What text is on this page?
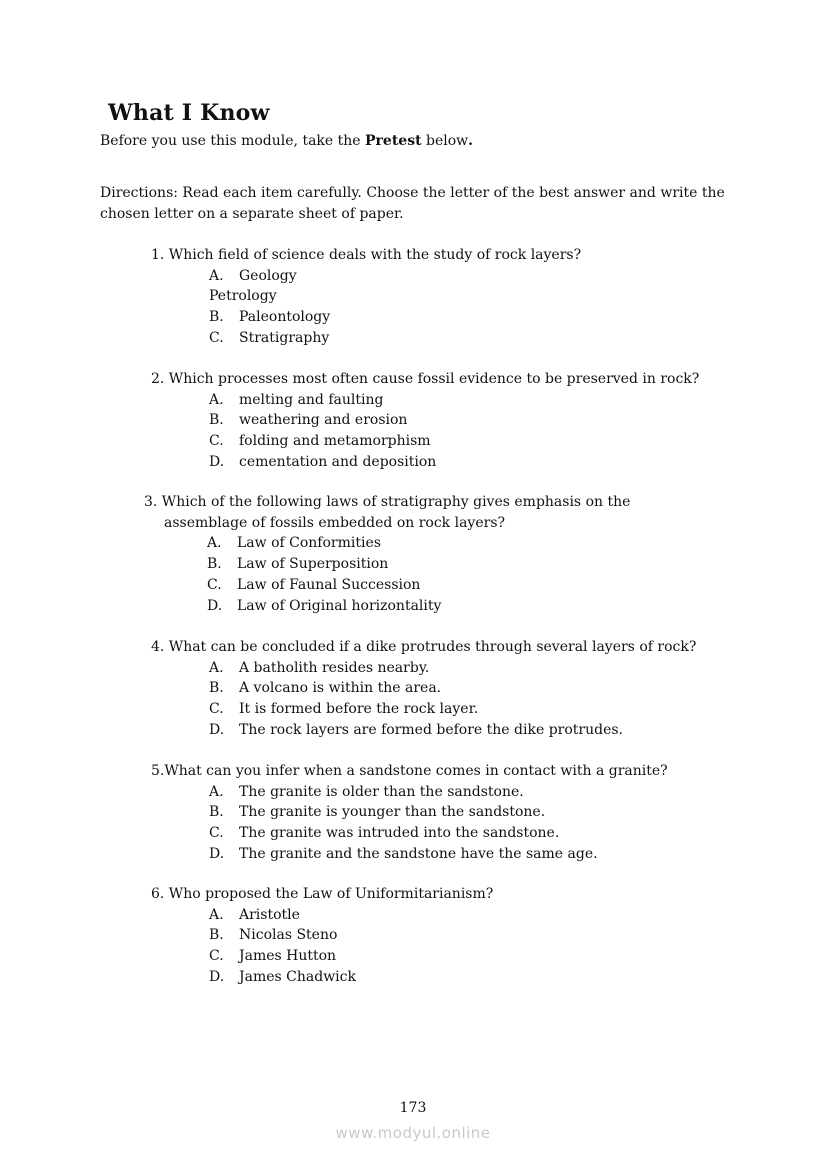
What I Know

Before you use this module, take the Pretest below.

Directions: Read each item carefully. Choose the letter of the best answer and write the chosen letter on a separate sheet of paper.

1. Which field of science deals with the study of rock layers?
A. Geology
Petrology
B. Paleontology
C. Stratigraphy
2. Which processes most often cause fossil evidence to be preserved in rock?
A. melting and faulting
B. weathering and erosion
C. folding and metamorphism
D. cementation and deposition
3. Which of the following laws of stratigraphy gives emphasis on the
assemblage of fossils embedded on rock layers?
A. Law of Conformities
B. Law of Superposition
C. Law of Faunal Succession
D. Law of Original horizontality
4. What can be concluded if a dike protrudes through several layers of rock?
A. A batholith resides nearby.
B. A volcano is within the area.
C. It is formed before the rock layer.
D. The rock layers are formed before the dike protrudes.
5.What can you infer when a sandstone comes in contact with a granite?
A. The granite is older than the sandstone.
B. The granite is younger than the sandstone.
C. The granite was intruded into the sandstone.
D. The granite and the sandstone have the same age.
6. Who proposed the Law of Uniformitarianism?
A. Aristotle
B. Nicolas Steno
C. James Hutton
D. James Chadwick
173
www.modyul.online
